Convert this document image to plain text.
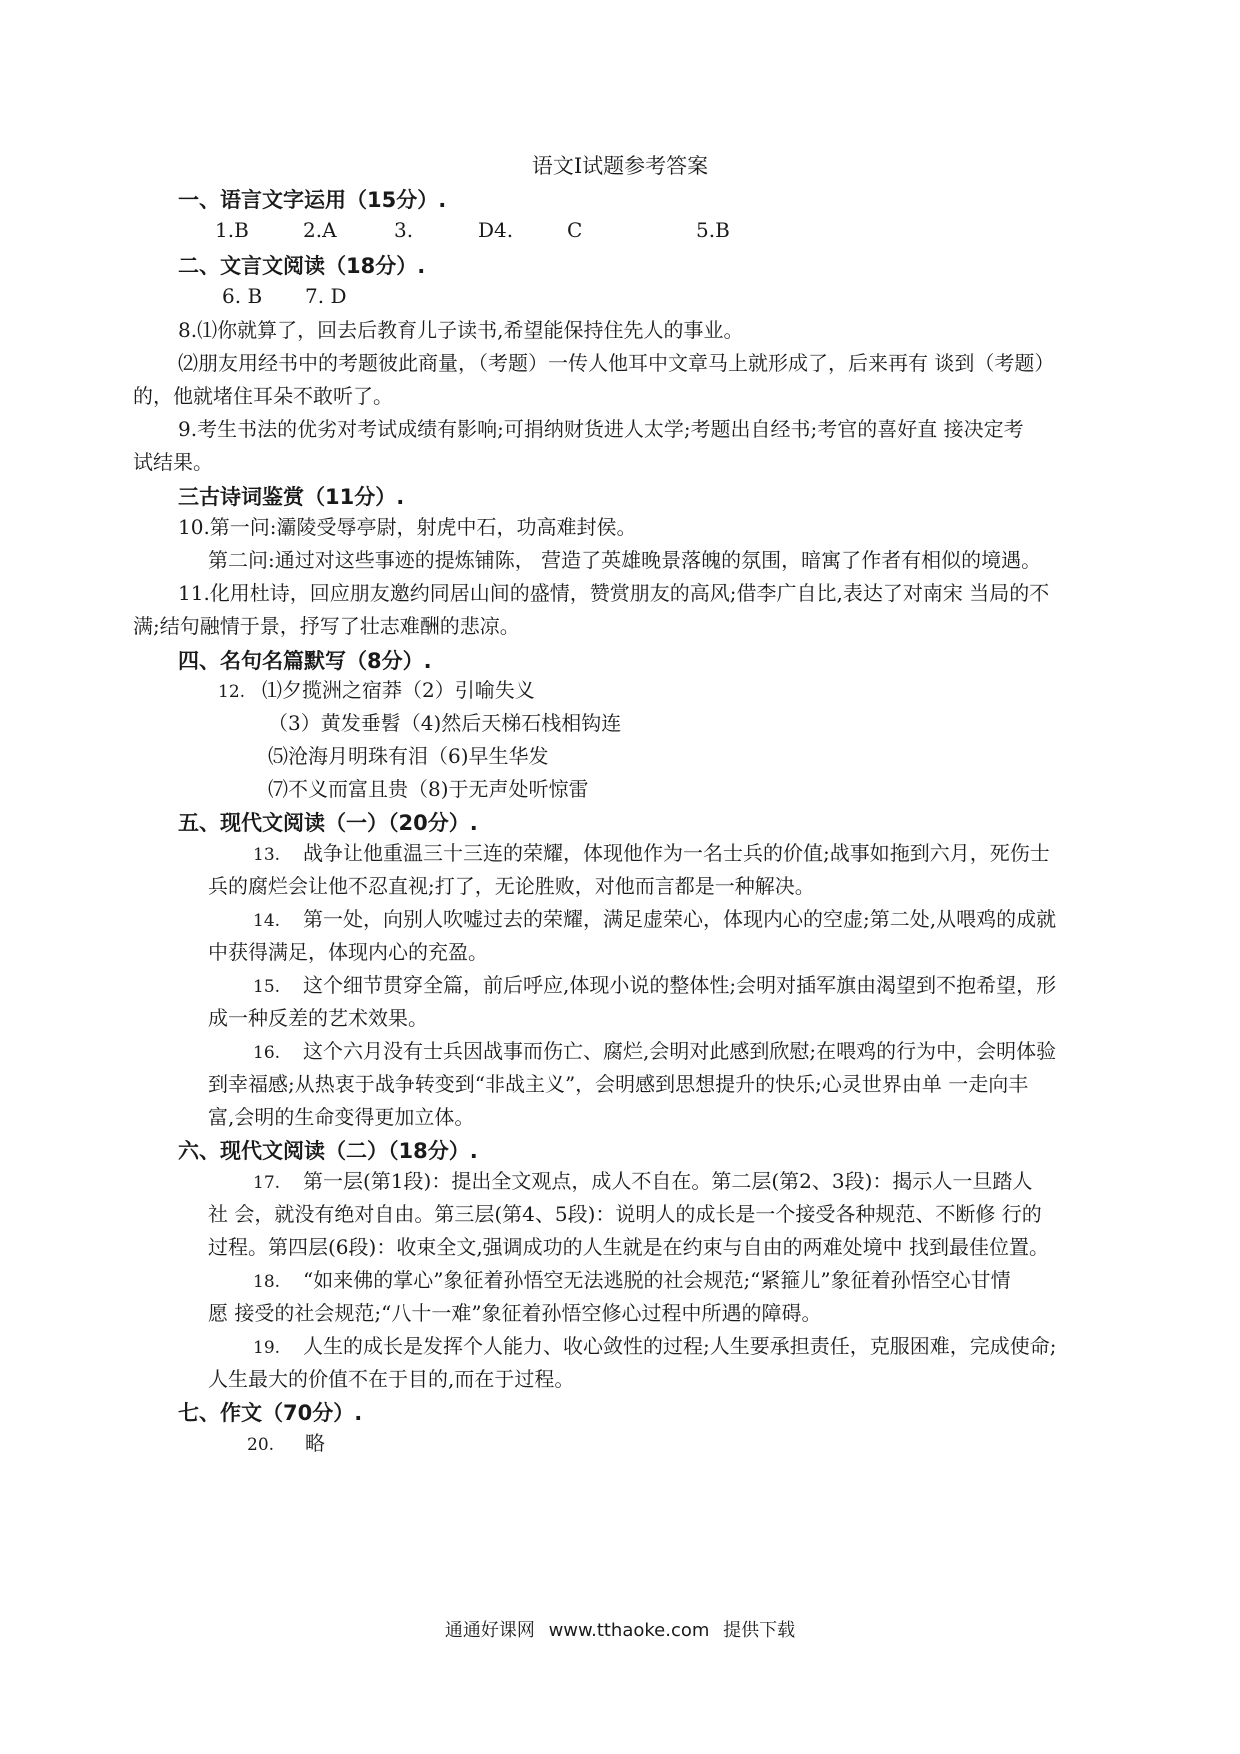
语文Ⅰ试题参考答案
一、语言文字运用（15分）.
1.B	2.A	3.	D4.	C	5.B
二、文言文阅读（18分）.
6. B 7. D
8.⑴你就算了，回去后教育儿子读书,希望能保持住先人的事业。
⑵朋友用经书中的考题彼此商量，（考题）一传人他耳中文章马上就形成了，后来再有 谈到（考题）
的，他就堵住耳朵不敢听了。
9.考生书法的优劣对考试成绩有影响;可捐纳财货进人太学;考题出自经书;考官的喜好直 接决定考
试结果。
三古诗词鉴赏（11分）.
10.第一问:灞陵受辱亭尉，射虎中石，功高难封侯。
第二问:通过对这些事迹的提炼铺陈， 营造了英雄晚景落魄的氛围，暗寓了作者有相似的境遇。
11.化用杜诗，回应朋友邀约同居山间的盛情，赞赏朋友的高风;借李广自比,表达了对南宋 当局的不
满;结句融情于景，抒写了壮志难酬的悲凉。
四、名句名篇默写（8分）.
12. ⑴夕揽洲之宿莽（2）引喻失义
（3）黄发垂髫（4)然后天梯石栈相钩连
⑸沧海月明珠有泪（6)早生华发
⑺不义而富且贵（8)于无声处听惊雷
五、现代文阅读（一）（20分）.
13. 战争让他重温三十三连的荣耀，体现他作为一名士兵的价值;战事如拖到六月，死伤士
兵的腐烂会让他不忍直视;打了，无论胜败，对他而言都是一种解决。
14. 第一处，向别人吹嘘过去的荣耀，满足虚荣心，体现内心的空虚;第二处,从喂鸡的成就
中获得满足，体现内心的充盈。
15. 这个细节贯穿全篇，前后呼应,体现小说的整体性;会明对插军旗由渴望到不抱希望，形
成一种反差的艺术效果。
16. 这个六月没有士兵因战事而伤亡、腐烂,会明对此感到欣慰;在喂鸡的行为中，会明体验
到幸福感;从热衷于战争转变到“非战主义”，会明感到思想提升的快乐;心灵世界由单 一走向丰
富,会明的生命变得更加立体。
六、现代文阅读（二）（18分）.
17. 第一层(第1段)：提出全文观点，成人不自在。第二层(第2、3段)：揭示人一旦踏人
社 会，就没有绝对自由。第三层(第4、5段)：说明人的成长是一个接受各种规范、不断修 行的
过程。第四层(6段)：收束全文,强调成功的人生就是在约束与自由的两难处境中 找到最佳位置。
18. “如来佛的掌心”象征着孙悟空无法逃脱的社会规范;“紧箍儿”象征着孙悟空心甘情
愿 接受的社会规范;“八十一难”象征着孙悟空修心过程中所遇的障碍。
19. 人生的成长是发挥个人能力、收心敛性的过程;人生要承担责任，克服困难，完成使命;
人生最大的价值不在于目的,而在于过程。
七、作文（70分）.
20. 略
通通好课网 www.tthaoke.com 提供下载
